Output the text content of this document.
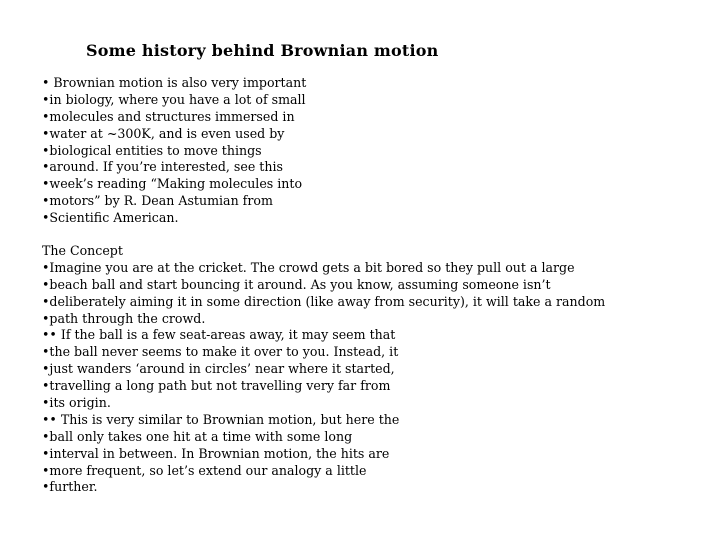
Some history behind Brownian motion
• Brownian motion is also very important
•in biology, where you have a lot of small
•molecules and structures immersed in
•water at ~300K, and is even used by
•biological entities to move things
•around. If you’re interested, see this
•week’s reading “Making molecules into
•motors” by R. Dean Astumian from
•Scientific American.
The Concept
•Imagine you are at the cricket. The crowd gets a bit bored so they pull out a large
•beach ball and start bouncing it around. As you know, assuming someone isn’t
•deliberately aiming it in some direction (like away from security), it will take a random
•path through the crowd.
•• If the ball is a few seat-areas away, it may seem that
•the ball never seems to make it over to you. Instead, it
•just wanders ‘around in circles’ near where it started,
•travelling a long path but not travelling very far from
•its origin.
•• This is very similar to Brownian motion, but here the
•ball only takes one hit at a time with some long
•interval in between. In Brownian motion, the hits are
•more frequent, so let’s extend our analogy a little
•further.
